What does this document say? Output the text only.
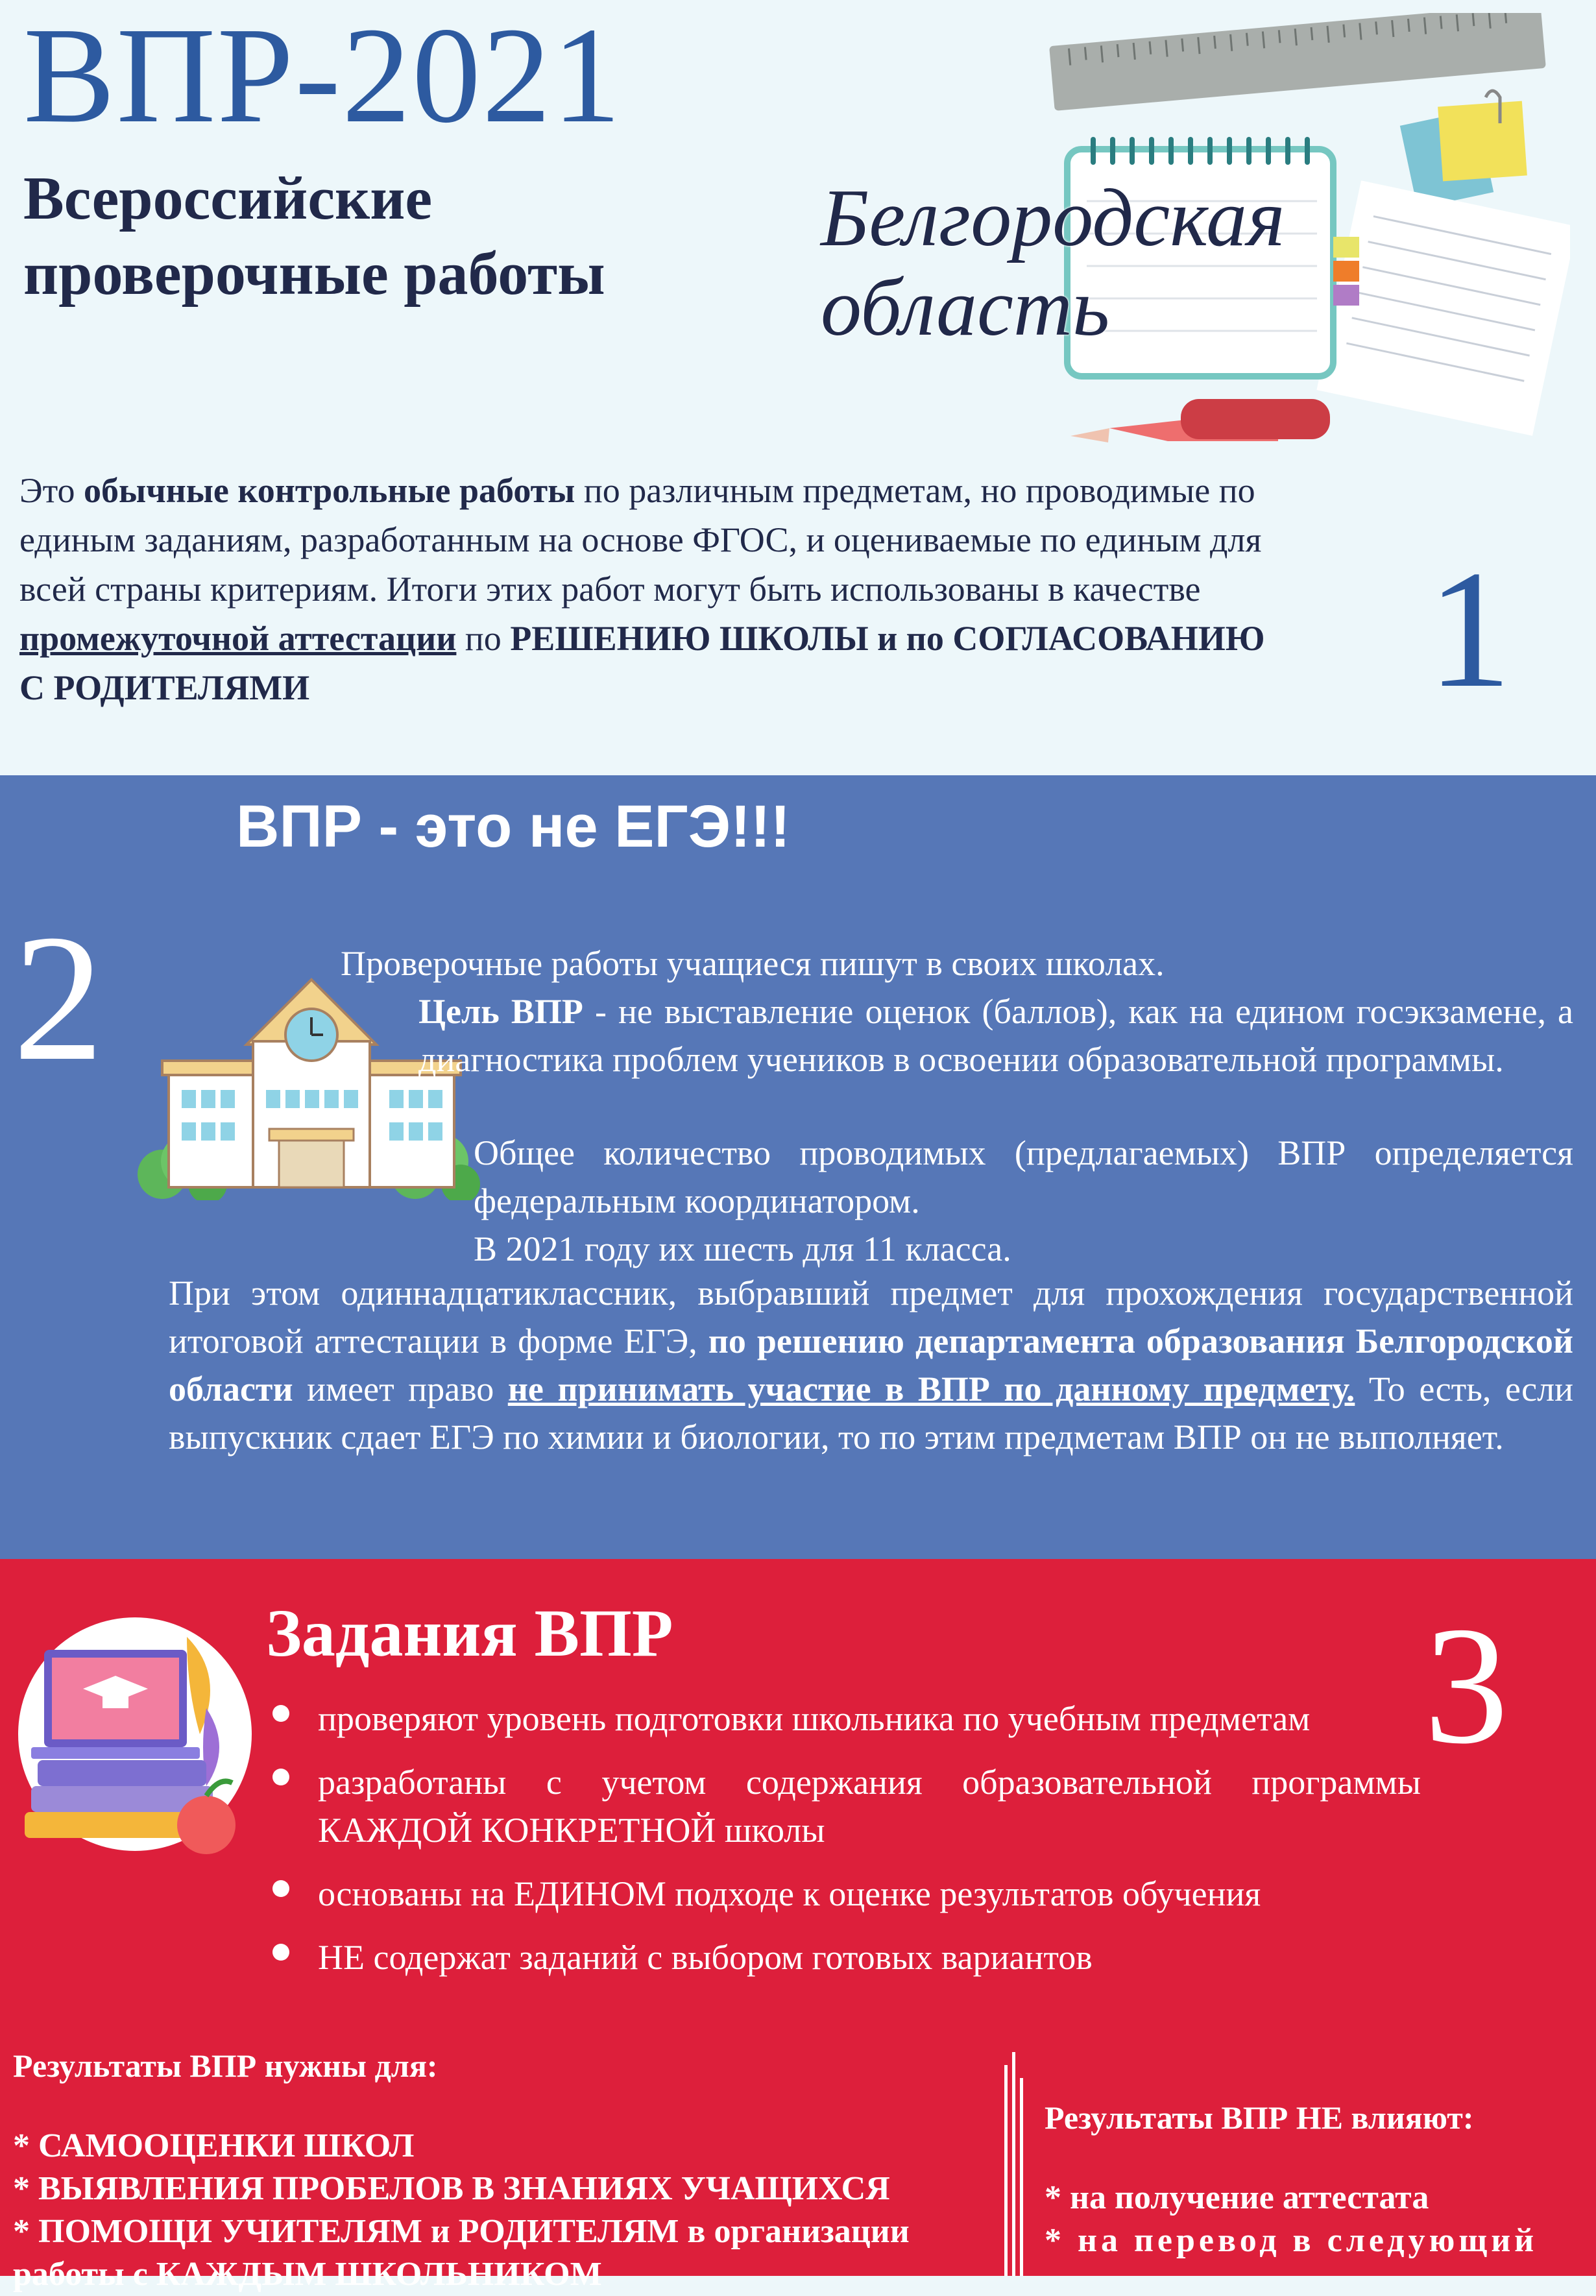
ВПР-2021
Всероссийские проверочные работы
Белгородская
область
Это обычные контрольные работы по различным предметам, но проводимые по единым заданиям, разработанным на основе ФГОС, и оцениваемые по единым для всей страны критериям. Итоги этих работ могут быть использованы в качестве промежуточной аттестации по РЕШЕНИЮ ШКОЛЫ и по СОГЛАСОВАНИЮ С РОДИТЕЛЯМИ	1
ВПР - это не ЕГЭ!!!
2	Проверочные работы учащиеся пишут в своих школах.
Цель ВПР - не выставление оценок (баллов), как на едином госэкзамене, а диагностика проблем учеников в освоении образовательной программы.
Общее количество проводимых (предлагаемых) ВПР определяется федеральным координатором.
В 2021 году их шесть для 11 класса.
При этом одиннадцатиклассник, выбравший предмет для прохождения государственной итоговой аттестации в форме ЕГЭ, по решению департамента образования Белгородской области имеет право не принимать участие в ВПР по данному предмету. То есть, если выпускник сдает ЕГЭ по химии и биологии, то по этим предметам ВПР он не выполняет.
Задания ВПР	3
проверяют уровень подготовки школьника по учебным предметам
разработаны с учетом содержания образовательной программы КАЖДОЙ КОНКРЕТНОЙ школы
основаны на ЕДИНОМ подходе к оценке результатов обучения
НЕ содержат заданий с выбором готовых вариантов
Результаты ВПР нужны для:
* САМООЦЕНКИ ШКОЛ
* ВЫЯВЛЕНИЯ ПРОБЕЛОВ В ЗНАНИЯХ УЧАЩИХСЯ
* ПОМОЩИ УЧИТЕЛЯМ и РОДИТЕЛЯМ в организации работы с КАЖДЫМ ШКОЛЬНИКОМ
Результаты ВПР НЕ влияют:
* на получение аттестата
* на перевод в следующий
